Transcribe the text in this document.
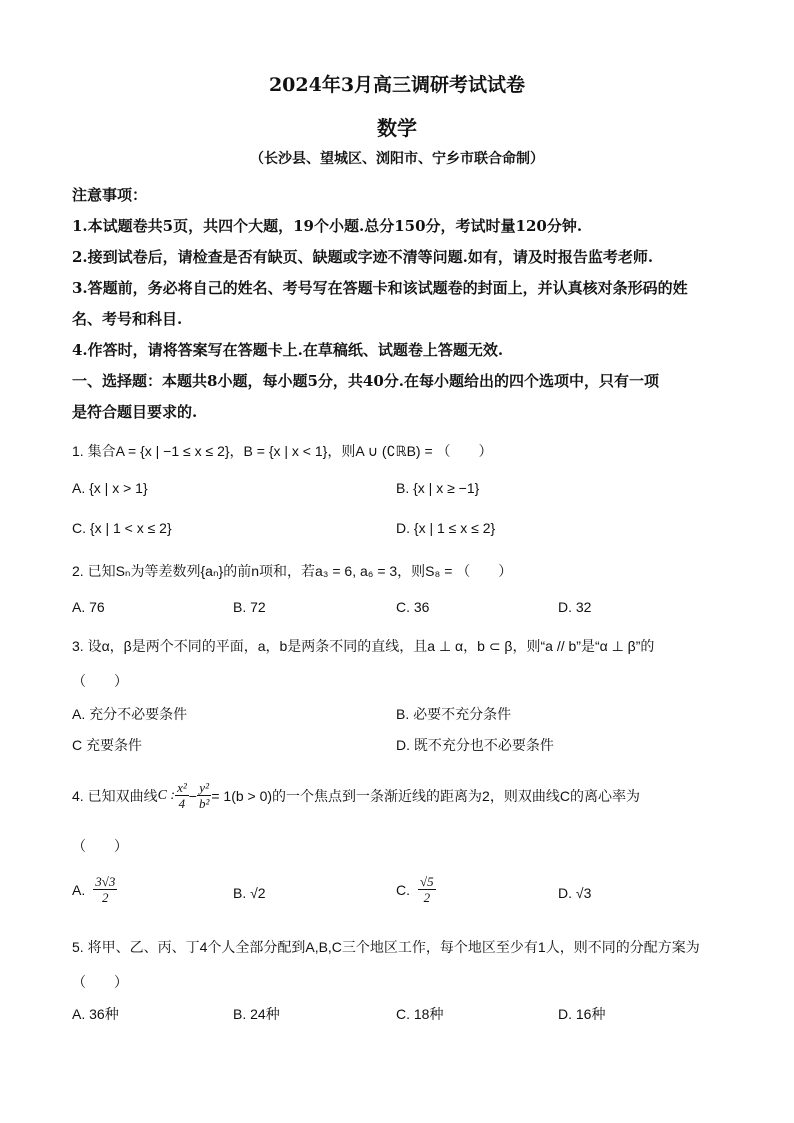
2024年3月高三调研考试试卷
数学
（长沙县、望城区、浏阳市、宁乡市联合命制）
注意事项：
1.本试题卷共5页，共四个大题，19个小题.总分150分，考试时量120分钟.
2.接到试卷后，请检查是否有缺页、缺题或字迹不清等问题.如有，请及时报告监考老师.
3.答题前，务必将自己的姓名、考号写在答题卡和该试题卷的封面上，并认真核对条形码的姓
名、考号和科目.
4.作答时，请将答案写在答题卡上.在草稿纸、试题卷上答题无效.
一、选择题：本题共8小题，每小题5分，共40分.在每小题给出的四个选项中，只有一项
是符合题目要求的.
1. 集合A = {x | −1 ≤ x ≤ 2}，B = {x | x < 1}，则A ∪ (∁ℝB) = （　　）
A. {x | x > 1}	B. {x | x ≥ −1}
C. {x | 1 < x ≤ 2}	D. {x | 1 ≤ x ≤ 2}
2. 已知Sₙ为等差数列{aₙ}的前n项和，若a₃ = 6, a₆ = 3，则S₈ = （　　）
A. 76	B. 72	C. 36	D. 32
3. 设α，β是两个不同的平面，a，b是两条不同的直线，且a ⊥ α，b ⊂ β，则“a // b”是“α ⊥ β”的
（　　）
A. 充分不必要条件	B. 必要不充分条件
C 充要条件	D. 既不充分也不必要条件
4. 已知双曲线 C : $\frac{\text{x²}}{4} - \frac{\text{y²}}{\text{b²}} = 1(b > 0)$的一个焦点到一条渐近线的距离为2，则双曲线C的离心率为
（　　）
A. $\frac{3√3}{2}$	B. √2	C. $\frac{√5}{2}$	D. √3
5. 将甲、乙、丙、丁4个人全部分配到A,B,C三个地区工作，每个地区至少有1人，则不同的分配方案为
（　　）
A. 36种	B. 24种	C. 18种	D. 16种
